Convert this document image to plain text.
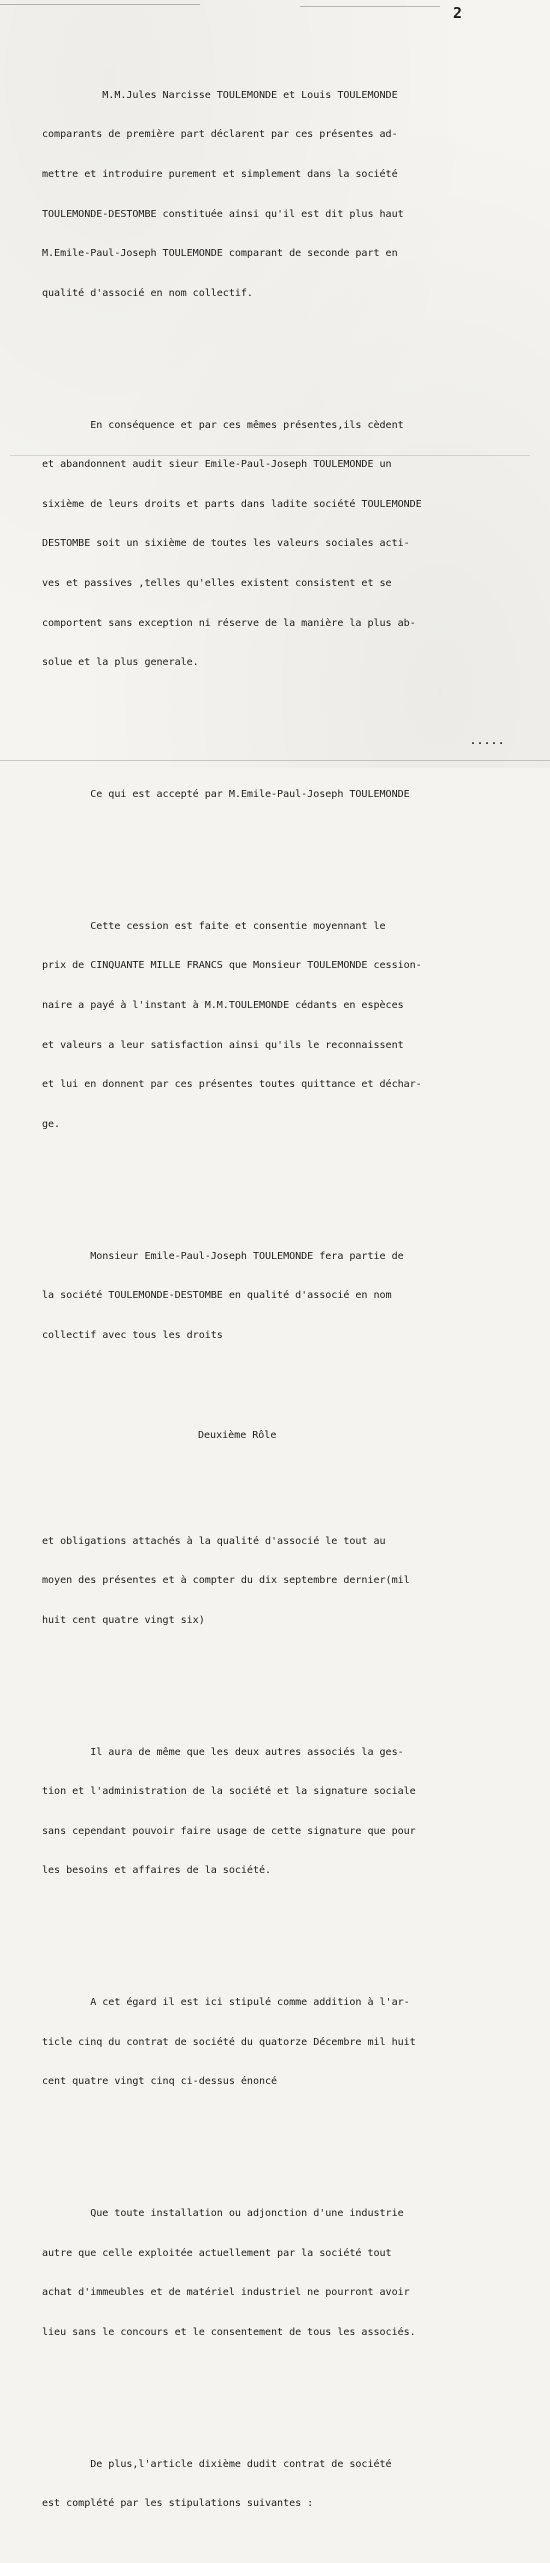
2

M.M.Jules Narcisse TOULEMONDE et Louis TOULEMONDE

comparants de première part déclarent par ces présentes ad-

mettre et introduire purement et simplement dans la société

TOULEMONDE-DESTOMBE constituée ainsi qu'il est dit plus haut

M.Emile-Paul-Joseph TOULEMONDE comparant de seconde part en

qualité d'associé en nom collectif.

En conséquence et par ces mêmes présentes,ils cèdent

et abandonnent audit sieur Emile-Paul-Joseph TOULEMONDE un

sixième de leurs droits et parts dans ladite société TOULEMONDE

DESTOMBE soit un sixième de toutes les valeurs sociales acti-

ves et passives ,telles qu'elles existent consistent et se

comportent sans exception ni réserve de la manière la plus ab-

solue et la plus generale.

Ce qui est accepté par M.Emile-Paul-Joseph TOULEMONDE

Cette cession est faite et consentie moyennant le

prix de CINQUANTE MILLE FRANCS que Monsieur TOULEMONDE cession-

naire a payé à l'instant à M.M.TOULEMONDE cédants en espèces

et valeurs a leur satisfaction ainsi qu'ils le reconnaissent

et lui en donnent par ces présentes toutes quittance et déchar-

ge.

Monsieur Emile-Paul-Joseph TOULEMONDE fera partie de

la société TOULEMONDE-DESTOMBE en qualité d'associé en nom

collectif avec tous les droits

Deuxième Rôle

et obligations attachés à la qualité d'associé le tout au

moyen des présentes et à compter du dix septembre dernier(mil

huit cent quatre vingt six)

Il aura de même que les deux autres associés la ges-

tion et l'administration de la société et la signature sociale

sans cependant pouvoir faire usage de cette signature que pour

les besoins et affaires de la société.

A cet égard il est ici stipulé comme addition à l'ar-

ticle cinq du contrat de société du quatorze Décembre mil huit

cent quatre vingt cinq ci-dessus énoncé

Que toute installation ou adjonction d'une industrie

autre que celle exploitée actuellement par la société tout

achat d'immeubles et de matériel industriel ne pourront avoir

lieu sans le concours et le consentement de tous les associés.

De plus,l'article dixième dudit contrat de société

est complété par les stipulations suivantes :

.....
